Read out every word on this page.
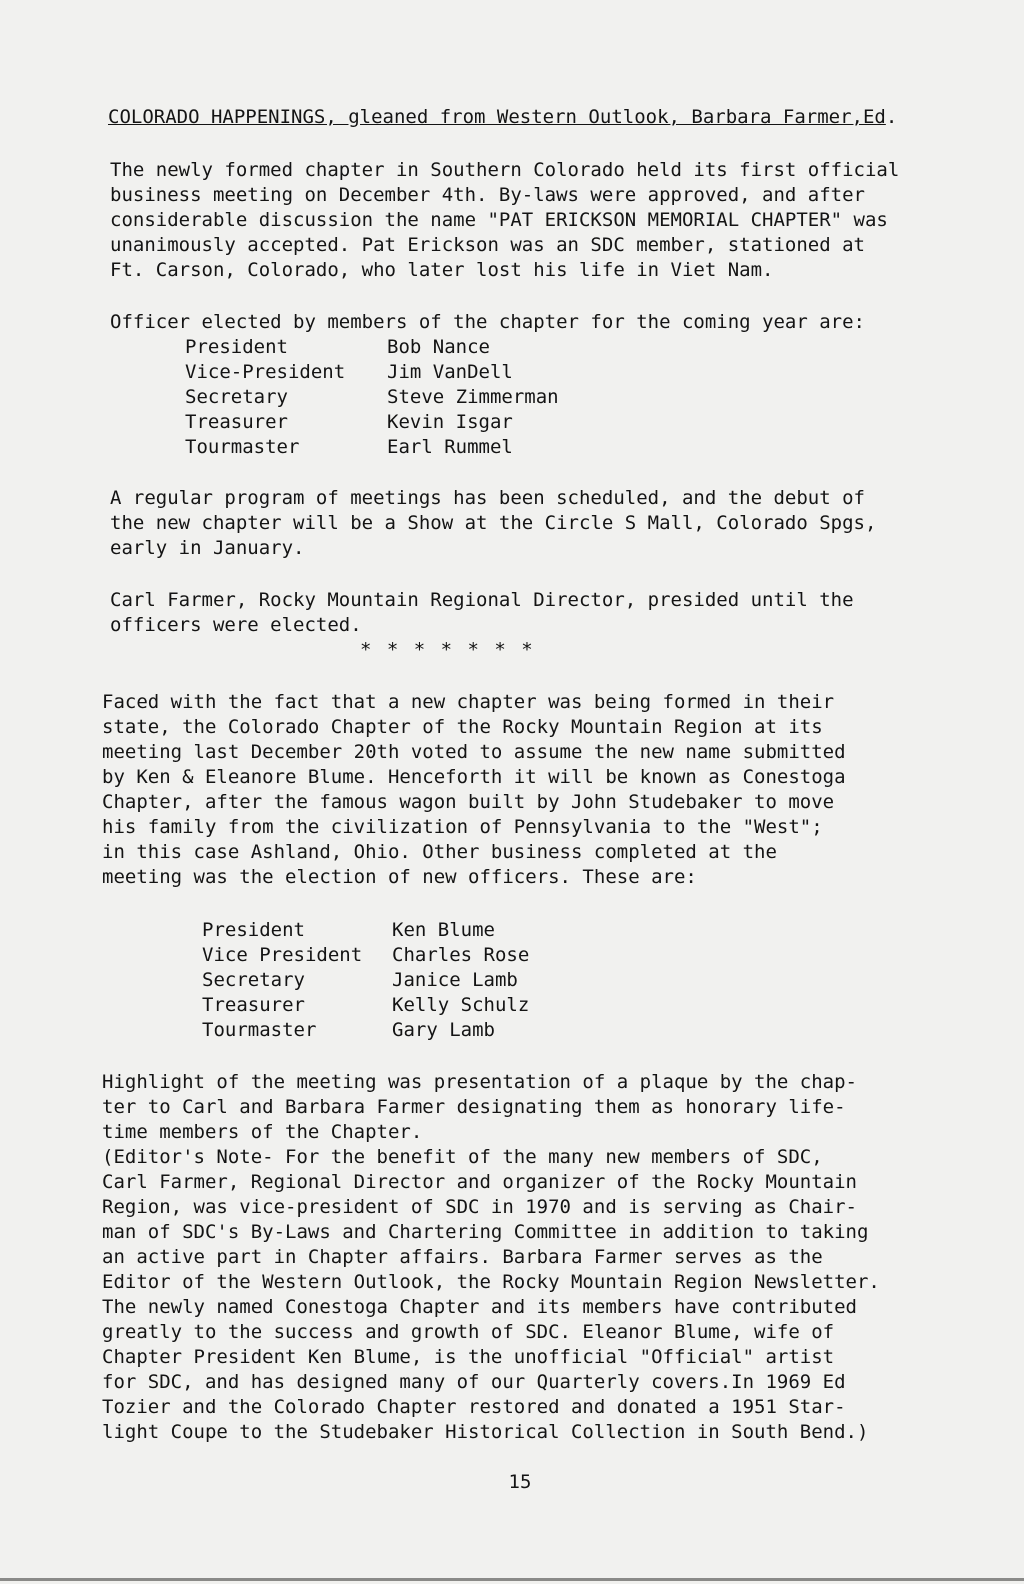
COLORADO HAPPENINGS, gleaned from Western Outlook, Barbara Farmer,Ed.
The newly formed chapter in Southern Colorado held its first official
business meeting on December 4th. By-laws were approved, and after
considerable discussion the name "PAT ERICKSON MEMORIAL CHAPTER" was
unanimously accepted. Pat Erickson was an SDC member, stationed at
Ft. Carson, Colorado, who later lost his life in Viet Nam.
Officer elected by members of the chapter for the coming year are:
President	Bob Nance
Vice-President Jim VanDell
Secretary	Steve Zimmerman
Treasurer	Kevin Isgar
Tourmaster	Earl Rummel
A regular program of meetings has been scheduled, and the debut of
the new chapter will be a Show at the Circle S Mall, Colorado Spgs,
early in January.
Carl Farmer, Rocky Mountain Regional Director, presided until the
officers were elected.
* * * * * * *
Faced with the fact that a new chapter was being formed in their
state, the Colorado Chapter of the Rocky Mountain Region at its
meeting last December 20th voted to assume the new name submitted
by Ken & Eleanore Blume. Henceforth it will be known as Conestoga
Chapter, after the famous wagon built by John Studebaker to move
his family from the civilization of Pennsylvania to the "West";
in this case Ashland, Ohio. Other business completed at the
meeting was the election of new officers. These are:
President	Ken Blume
Vice President Charles Rose
Secretary	Janice Lamb
Treasurer	Kelly Schulz
Tourmaster	Gary Lamb
Highlight of the meeting was presentation of a plaque by the chap-
ter to Carl and Barbara Farmer designating them as honorary life-
time members of the Chapter.
(Editor's Note- For the benefit of the many new members of SDC,
Carl Farmer, Regional Director and organizer of the Rocky Mountain
Region, was vice-president of SDC in 1970 and is serving as Chair-
man of SDC's By-Laws and Chartering Committee in addition to taking
an active part in Chapter affairs. Barbara Farmer serves as the
Editor of the Western Outlook, the Rocky Mountain Region Newsletter.
The newly named Conestoga Chapter and its members have contributed
greatly to the success and growth of SDC. Eleanor Blume, wife of
Chapter President Ken Blume, is the unofficial "Official" artist
for SDC, and has designed many of our Quarterly covers.In 1969 Ed
Tozier and the Colorado Chapter restored and donated a 1951 Star-
light Coupe to the Studebaker Historical Collection in South Bend.)
15
